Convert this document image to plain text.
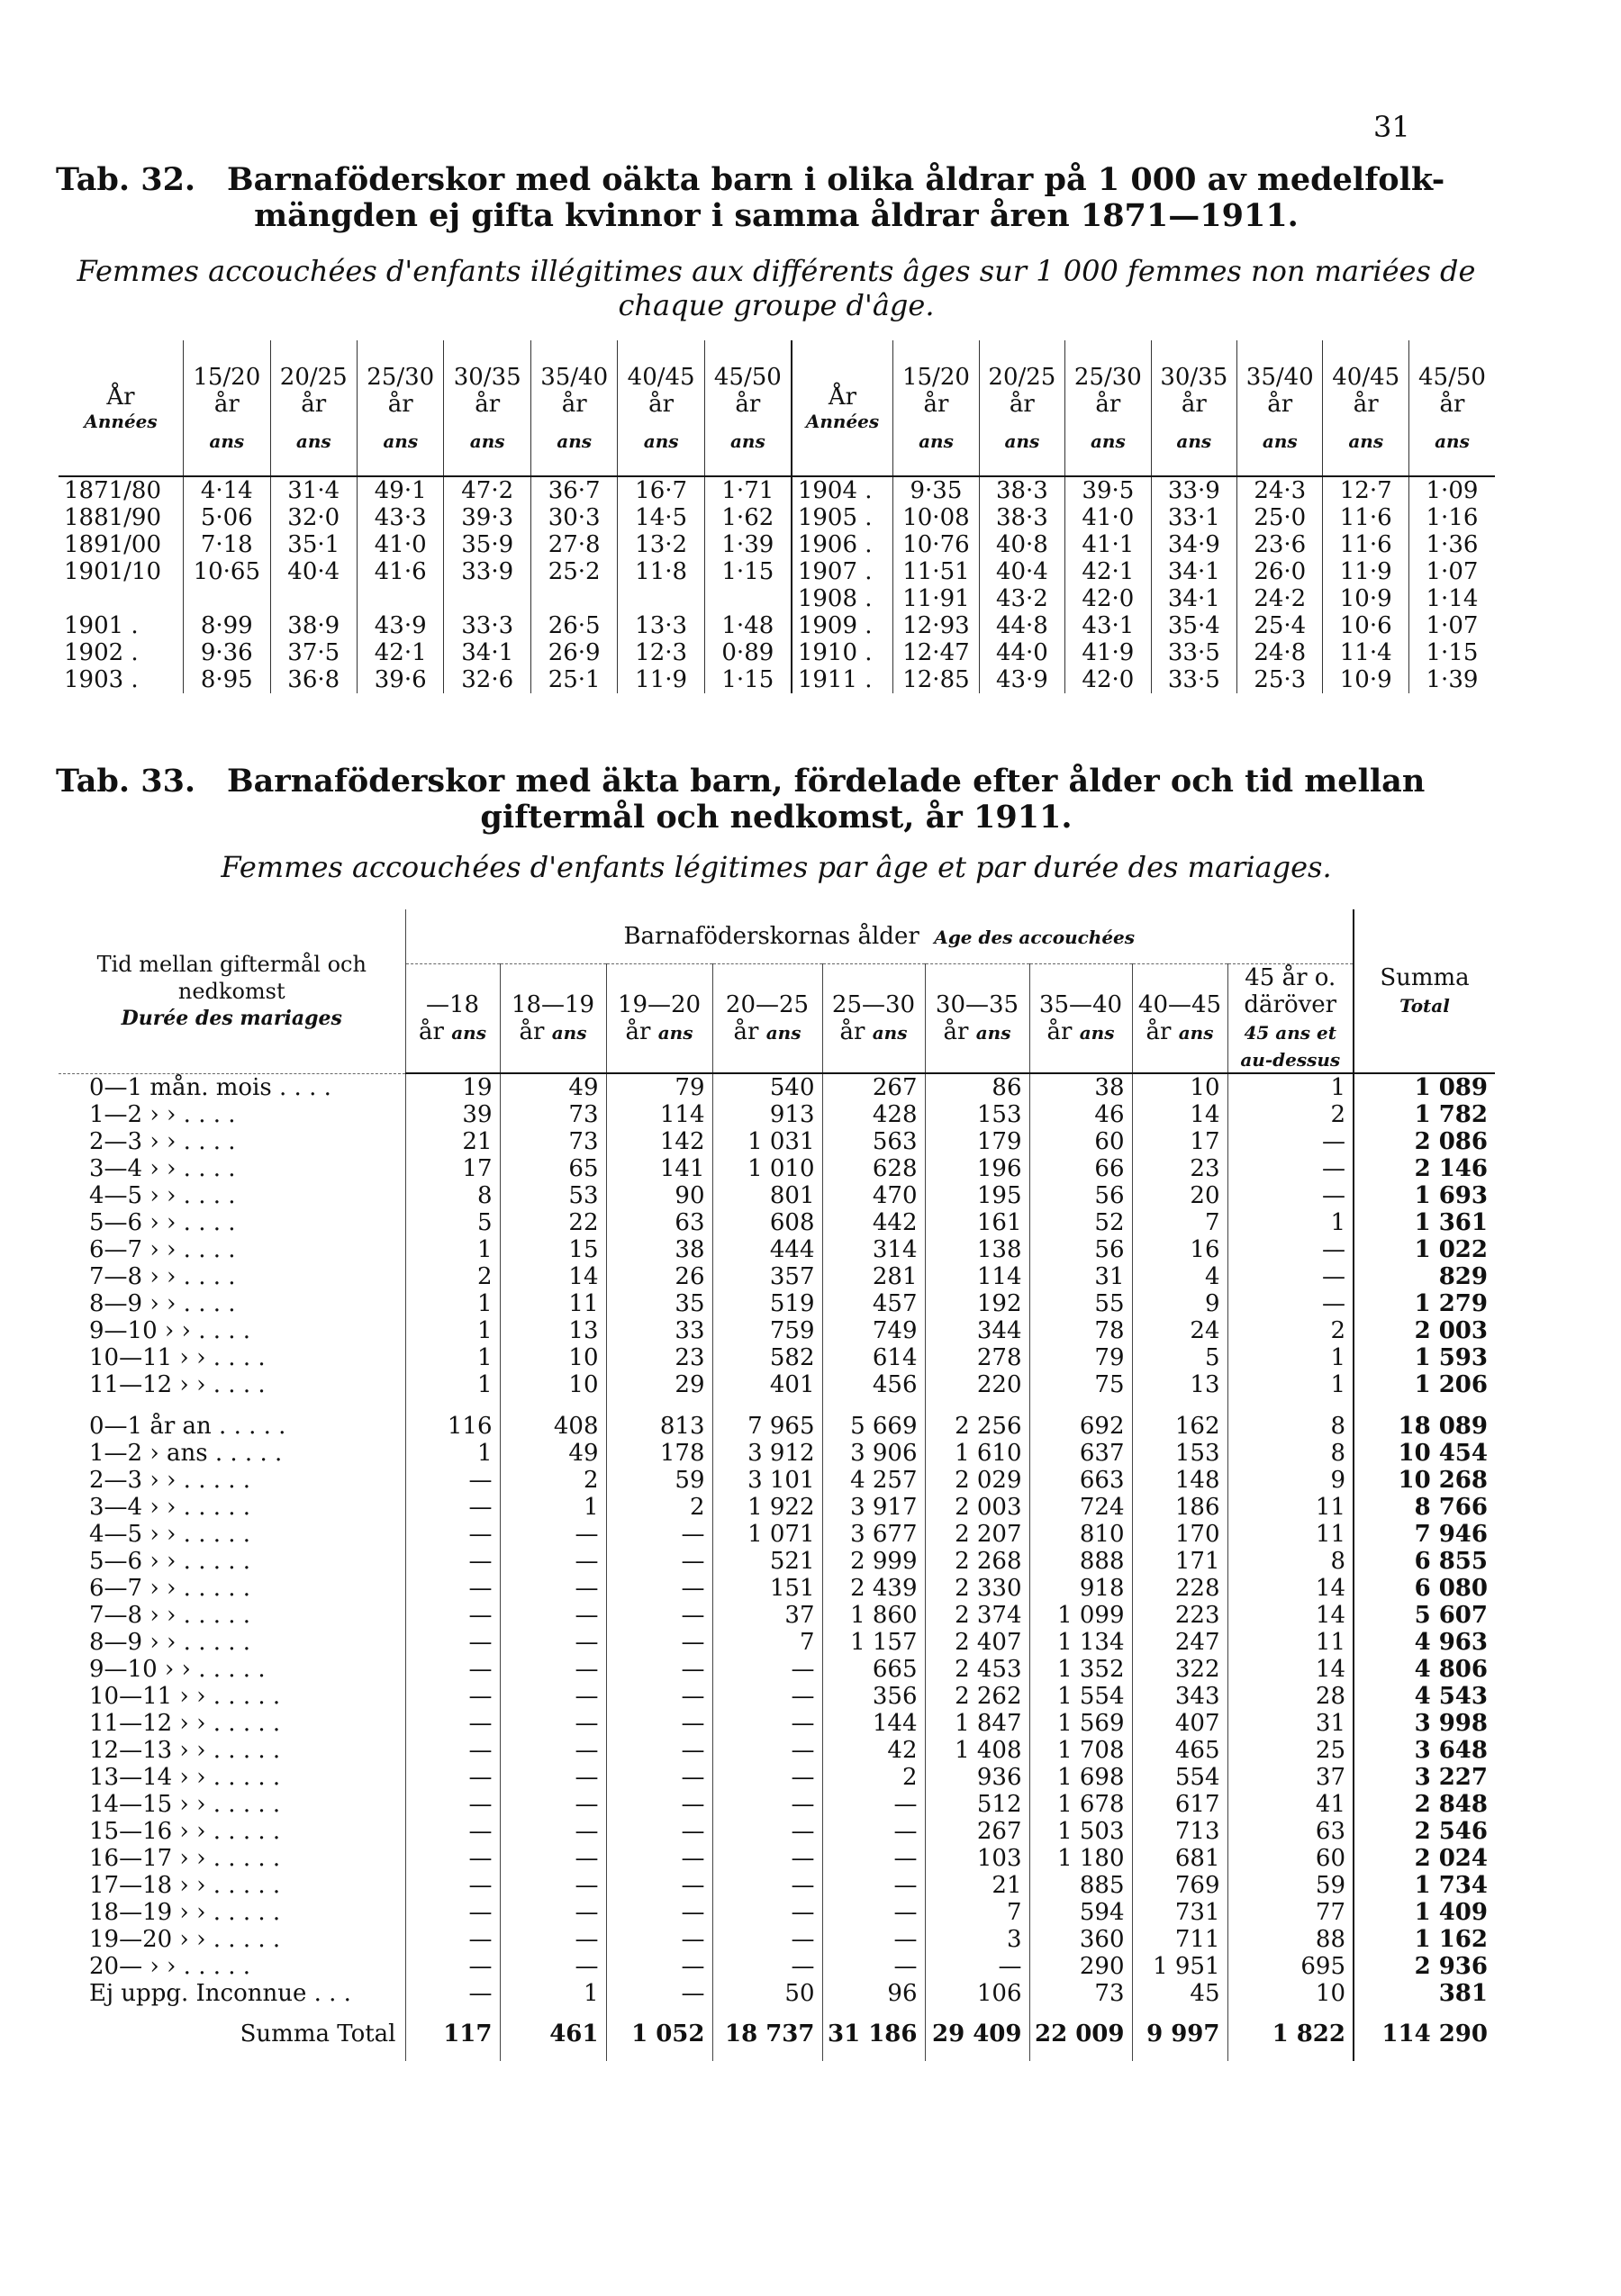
31
Tab. 32. Barnaföderskor med oäkta barn i olika åldrar på 1 000 av medelfolk-
mängden ej gifta kvinnor i samma åldrar åren 1871—1911.
Femmes accouchées d'enfants illégitimes aux différents âges sur 1 000 femmes non mariées de
chaque groupe d'âge.
År
Années	15/20
år
ans	20/25
år
ans	25/30
år
ans	30/35
år
ans	35/40
år
ans	40/45
år
ans	45/50
år
ans	År
Années	15/20
år
ans	20/25
år
ans	25/30
år
ans	30/35
år
ans	35/40
år
ans	40/45
år
ans	45/50
år
ans

1871/80	4·14	31·4	49·1	47·2	36·7	16·7	1·71	1904 .	9·35	38·3	39·5	33·9	24·3	12·7	1·09
1881/90	5·06	32·0	43·3	39·3	30·3	14·5	1·62	1905 .	10·08	38·3	41·0	33·1	25·0	11·6	1·16
1891/00	7·18	35·1	41·0	35·9	27·8	13·2	1·39	1906 .	10·76	40·8	41·1	34·9	23·6	11·6	1·36
1901/10	10·65	40·4	41·6	33·9	25·2	11·8	1·15	1907 .	11·51	40·4	42·1	34·1	26·0	11·9	1·07
								1908 .	11·91	43·2	42·0	34·1	24·2	10·9	1·14
1901 .	8·99	38·9	43·9	33·3	26·5	13·3	1·48	1909 .	12·93	44·8	43·1	35·4	25·4	10·6	1·07
1902 .	9·36	37·5	42·1	34·1	26·9	12·3	0·89	1910 .	12·47	44·0	41·9	33·5	24·8	11·4	1·15
1903 .	8·95	36·8	39·6	32·6	25·1	11·9	1·15	1911 .	12·85	43·9	42·0	33·5	25·3	10·9	1·39
Tab. 33. Barnaföderskor med äkta barn, fördelade efter ålder och tid mellan
giftermål och nedkomst, år 1911.
Femmes accouchées d'enfants légitimes par âge et par durée des mariages.
Tid mellan giftermål och nedkomst
Durée des mariages	Barnaföderskornas ålder Age des accouchées									Summa
Total

	—18
år ans	18—19
år ans	19—20
år ans	20—25
år ans	25—30
år ans	30—35
år ans	35—40
år ans	40—45
år ans	45 år o. däröver
45 ans et au-dessus	

0—1 mån. mois . . . .	19	49	79	540	267	86	38	10	1	1 089
1—2 › › . . . .	39	73	114	913	428	153	46	14	2	1 782
2—3 › › . . . .	21	73	142	1 031	563	179	60	17	—	2 086
3—4 › › . . . .	17	65	141	1 010	628	196	66	23	—	2 146
4—5 › › . . . .	8	53	90	801	470	195	56	20	—	1 693
5—6 › › . . . .	5	22	63	608	442	161	52	7	1	1 361
6—7 › › . . . .	1	15	38	444	314	138	56	16	—	1 022
7—8 › › . . . .	2	14	26	357	281	114	31	4	—	829
8—9 › › . . . .	1	11	35	519	457	192	55	9	—	1 279
9—10 › › . . . .	1	13	33	759	749	344	78	24	2	2 003
10—11 › › . . . .	1	10	23	582	614	278	79	5	1	1 593
11—12 › › . . . .	1	10	29	401	456	220	75	13	1	1 206

0—1 år an . . . . .	116	408	813	7 965	5 669	2 256	692	162	8	18 089
1—2 › ans . . . . .	1	49	178	3 912	3 906	1 610	637	153	8	10 454
2—3 › › . . . . .	—	2	59	3 101	4 257	2 029	663	148	9	10 268
3—4 › › . . . . .	—	1	2	1 922	3 917	2 003	724	186	11	8 766
4—5 › › . . . . .	—	—	—	1 071	3 677	2 207	810	170	11	7 946
5—6 › › . . . . .	—	—	—	521	2 999	2 268	888	171	8	6 855
6—7 › › . . . . .	—	—	—	151	2 439	2 330	918	228	14	6 080
7—8 › › . . . . .	—	—	—	37	1 860	2 374	1 099	223	14	5 607
8—9 › › . . . . .	—	—	—	7	1 157	2 407	1 134	247	11	4 963
9—10 › › . . . . .	—	—	—	—	665	2 453	1 352	322	14	4 806
10—11 › › . . . . .	—	—	—	—	356	2 262	1 554	343	28	4 543
11—12 › › . . . . .	—	—	—	—	144	1 847	1 569	407	31	3 998
12—13 › › . . . . .	—	—	—	—	42	1 408	1 708	465	25	3 648
13—14 › › . . . . .	—	—	—	—	2	936	1 698	554	37	3 227
14—15 › › . . . . .	—	—	—	—	—	512	1 678	617	41	2 848
15—16 › › . . . . .	—	—	—	—	—	267	1 503	713	63	2 546
16—17 › › . . . . .	—	—	—	—	—	103	1 180	681	60	2 024
17—18 › › . . . . .	—	—	—	—	—	21	885	769	59	1 734
18—19 › › . . . . .	—	—	—	—	—	7	594	731	77	1 409
19—20 › › . . . . .	—	—	—	—	—	3	360	711	88	1 162
20— › › . . . . .	—	—	—	—	—	—	290	1 951	695	2 936
Ej uppg. Inconnue . . .	—	1	—	50	96	106	73	45	10	381
Summa Total	117	461	1 052	18 737	31 186	29 409	22 009	9 997	1 822	114 290
